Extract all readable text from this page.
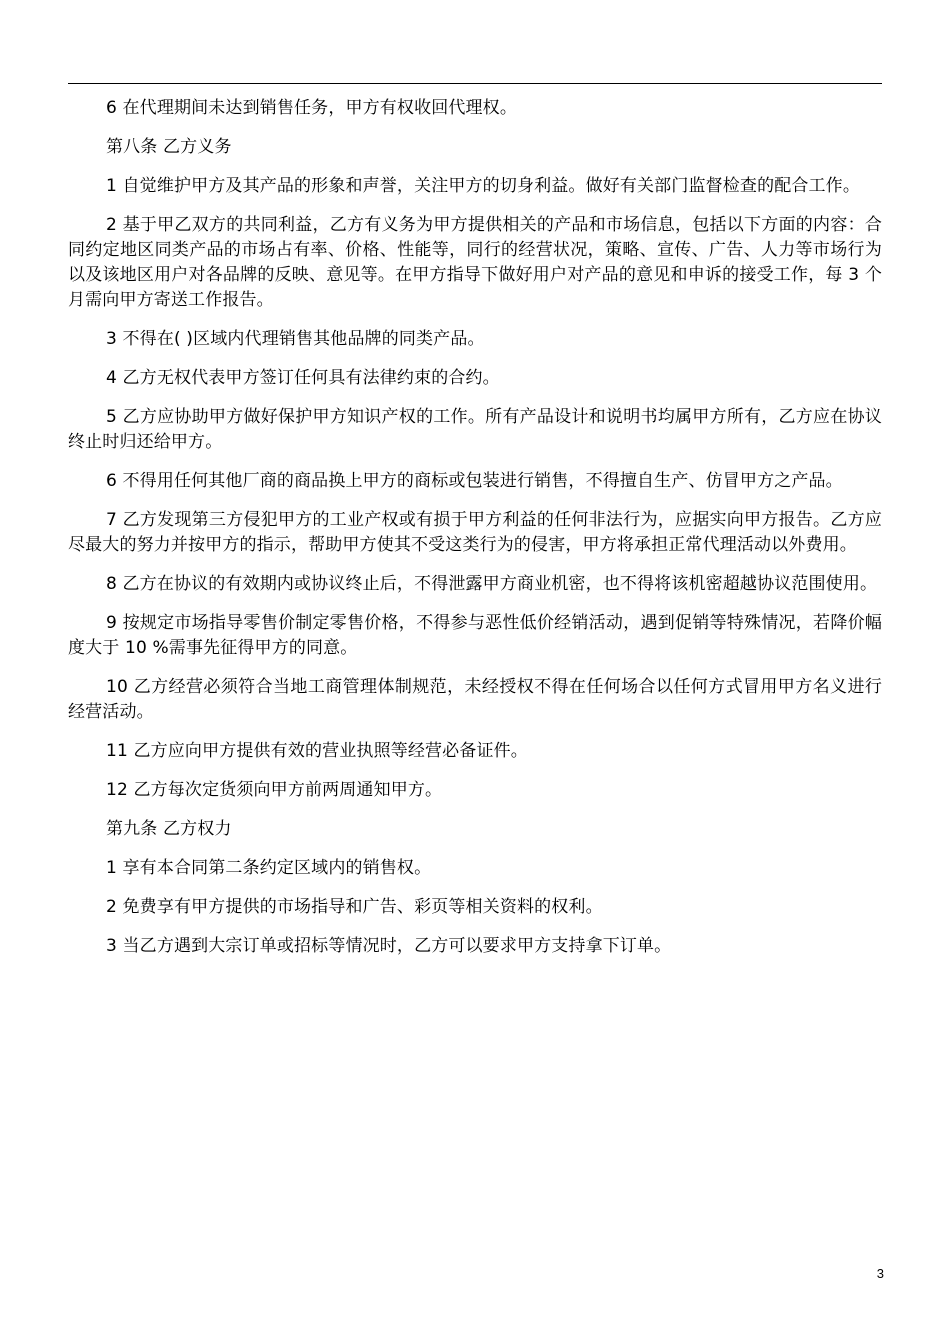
6 在代理期间未达到销售任务，甲方有权收回代理权。

第八条 乙方义务

1 自觉维护甲方及其产品的形象和声誉，关注甲方的切身利益。做好有关部门监督检查的配合工作。

2 基于甲乙双方的共同利益，乙方有义务为甲方提供相关的产品和市场信息，包括以下方面的内容：合同约定地区同类产品的市场占有率、价格、性能等，同行的经营状况，策略、宣传、广告、人力等市场行为以及该地区用户对各品牌的反映、意见等。在甲方指导下做好用户对产品的意见和申诉的接受工作，每 3 个月需向甲方寄送工作报告。

3 不得在( )区域内代理销售其他品牌的同类产品。

4 乙方无权代表甲方签订任何具有法律约束的合约。

5 乙方应协助甲方做好保护甲方知识产权的工作。所有产品设计和说明书均属甲方所有，乙方应在协议终止时归还给甲方。

6 不得用任何其他厂商的商品换上甲方的商标或包装进行销售，不得擅自生产、仿冒甲方之产品。

7 乙方发现第三方侵犯甲方的工业产权或有损于甲方利益的任何非法行为，应据实向甲方报告。乙方应尽最大的努力并按甲方的指示，帮助甲方使其不受这类行为的侵害，甲方将承担正常代理活动以外费用。

8 乙方在协议的有效期内或协议终止后，不得泄露甲方商业机密，也不得将该机密超越协议范围使用。

9 按规定市场指导零售价制定零售价格，不得参与恶性低价经销活动，遇到促销等特殊情况，若降价幅度大于 10 %需事先征得甲方的同意。

10 乙方经营必须符合当地工商管理体制规范，未经授权不得在任何场合以任何方式冒用甲方名义进行经营活动。

11 乙方应向甲方提供有效的营业执照等经营必备证件。

12 乙方每次定货须向甲方前两周通知甲方。

第九条 乙方权力

1 享有本合同第二条约定区域内的销售权。

2 免费享有甲方提供的市场指导和广告、彩页等相关资料的权利。

3 当乙方遇到大宗订单或招标等情况时，乙方可以要求甲方支持拿下订单。

3
